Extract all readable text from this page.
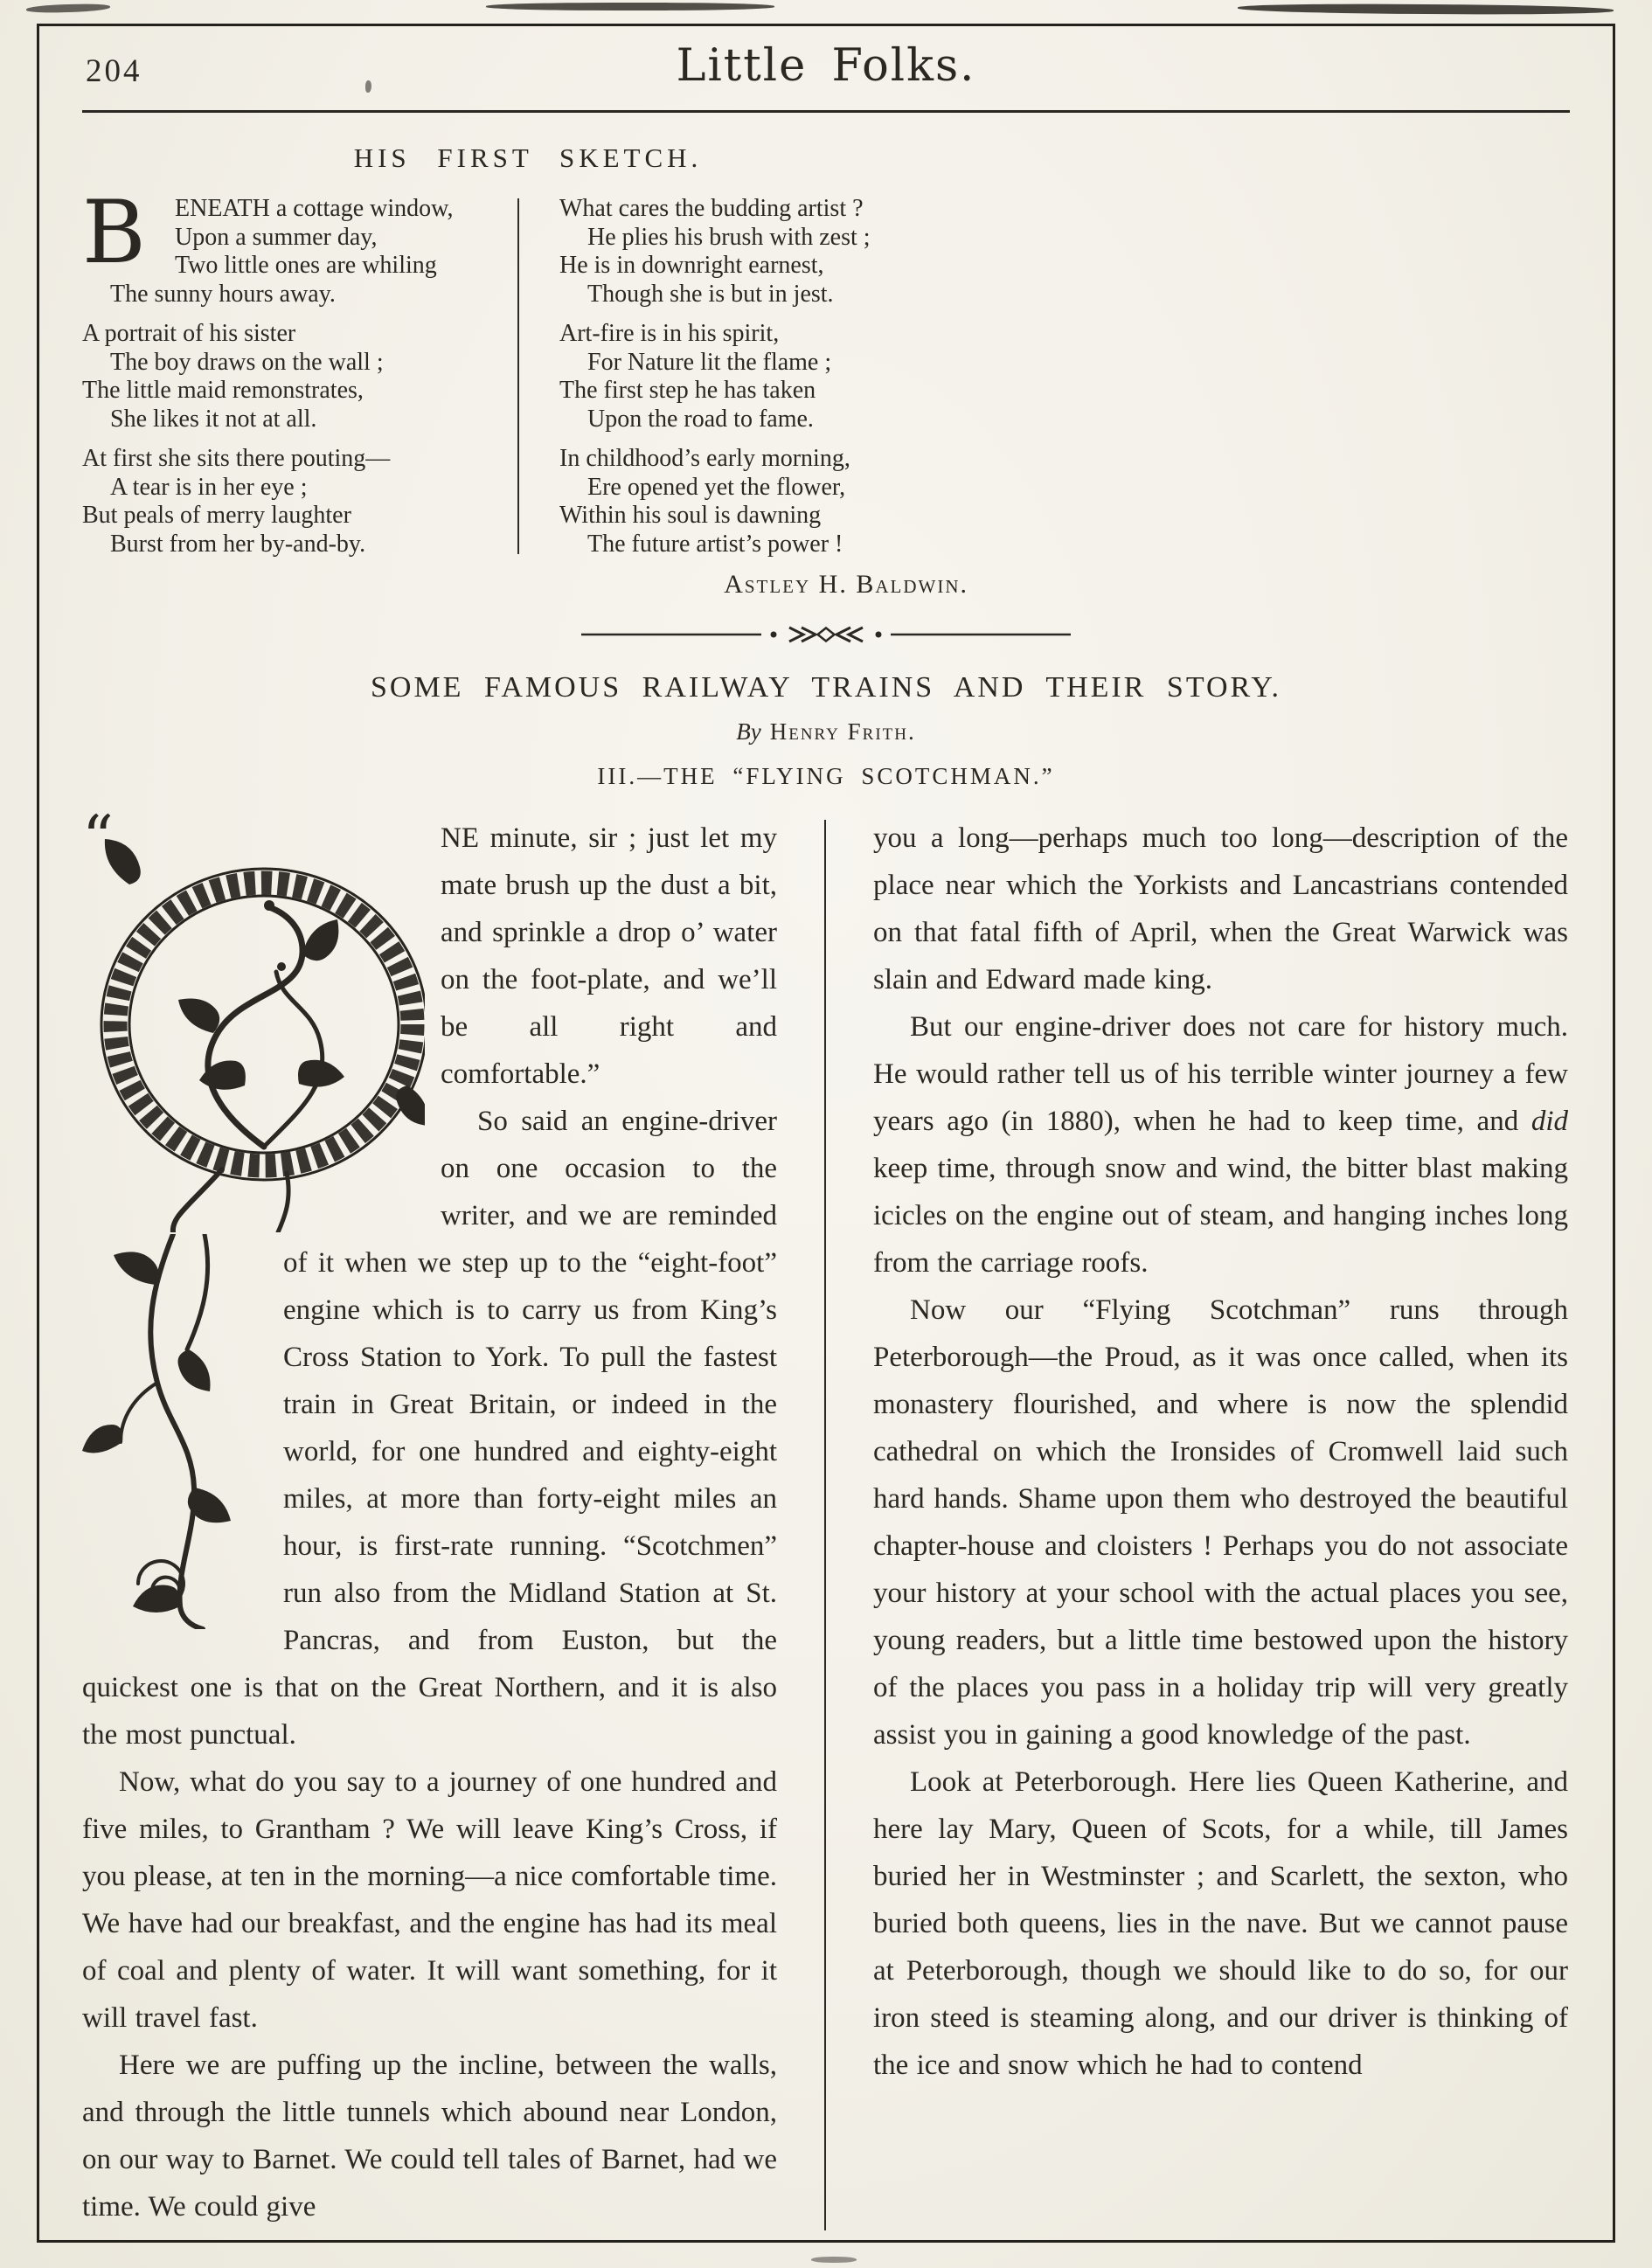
204	Little Folks.
HIS FIRST SKETCH.
B	ENEATH a cottage window,

Upon a summer day,

Two little ones are whiling

The sunny hours away.

A portrait of his sister

The boy draws on the wall ;

The little maid remonstrates,

She likes it not at all.

At first she sits there pouting—

A tear is in her eye ;

But peals of merry laughter

Burst from her by-and-by.

What cares the budding artist ?

He plies his brush with zest ;

He is in downright earnest,

Though she is but in jest.

Art-fire is in his spirit,

For Nature lit the flame ;

The first step he has taken

Upon the road to fame.

In childhood’s early morning,

Ere opened yet the flower,

Within his soul is dawning

The future artist’s power !

Astley H. Baldwin.
SOME FAMOUS RAILWAY TRAINS AND THEIR STORY.
By Henry Frith.
III.—THE “FLYING SCOTCHMAN.”

“	NE minute, sir ; just let my mate brush up the dust a bit, and sprinkle a drop o’ water on the foot-plate, and we’ll be all right and comfortable.”

So said an engine-driver on one occasion to the writer, and we are reminded of it when we step up to the “eight-foot” engine which is to carry us from King’s Cross Station to York. To pull the fastest train in Great Britain, or indeed in the world, for one hundred and eighty-eight miles, at more than forty-eight miles an hour, is first-rate running. “Scotchmen” run also from the Midland Station at St. Pancras, and from Euston, but the quickest one is that on the Great Northern, and it is also the most punctual.

Now, what do you say to a journey of one hundred and five miles, to Grantham ? We will leave King’s Cross, if you please, at ten in the morning—a nice comfortable time. We have had our breakfast, and the engine has had its meal of coal and plenty of water. It will want something, for it will travel fast.

Here we are puffing up the incline, between the walls, and through the little tunnels which abound near London, on our way to Barnet. We could tell tales of Barnet, had we time. We could give

you a long—perhaps much too long—description of the place near which the Yorkists and Lancastrians contended on that fatal fifth of April, when the Great Warwick was slain and Edward made king.

But our engine-driver does not care for history much. He would rather tell us of his terrible winter journey a few years ago (in 1880), when he had to keep time, and did keep time, through snow and wind, the bitter blast making icicles on the engine out of steam, and hanging inches long from the carriage roofs.

Now our “Flying Scotchman” runs through Peterborough—the Proud, as it was once called, when its monastery flourished, and where is now the splendid cathedral on which the Ironsides of Cromwell laid such hard hands. Shame upon them who destroyed the beautiful chapter-house and cloisters ! Perhaps you do not associate your history at your school with the actual places you see, young readers, but a little time bestowed upon the history of the places you pass in a holiday trip will very greatly assist you in gaining a good knowledge of the past.

Look at Peterborough. Here lies Queen Katherine, and here lay Mary, Queen of Scots, for a while, till James buried her in Westminster ; and Scarlett, the sexton, who buried both queens, lies in the nave. But we cannot pause at Peterborough, though we should like to do so, for our iron steed is steaming along, and our driver is thinking of the ice and snow which he had to contend
